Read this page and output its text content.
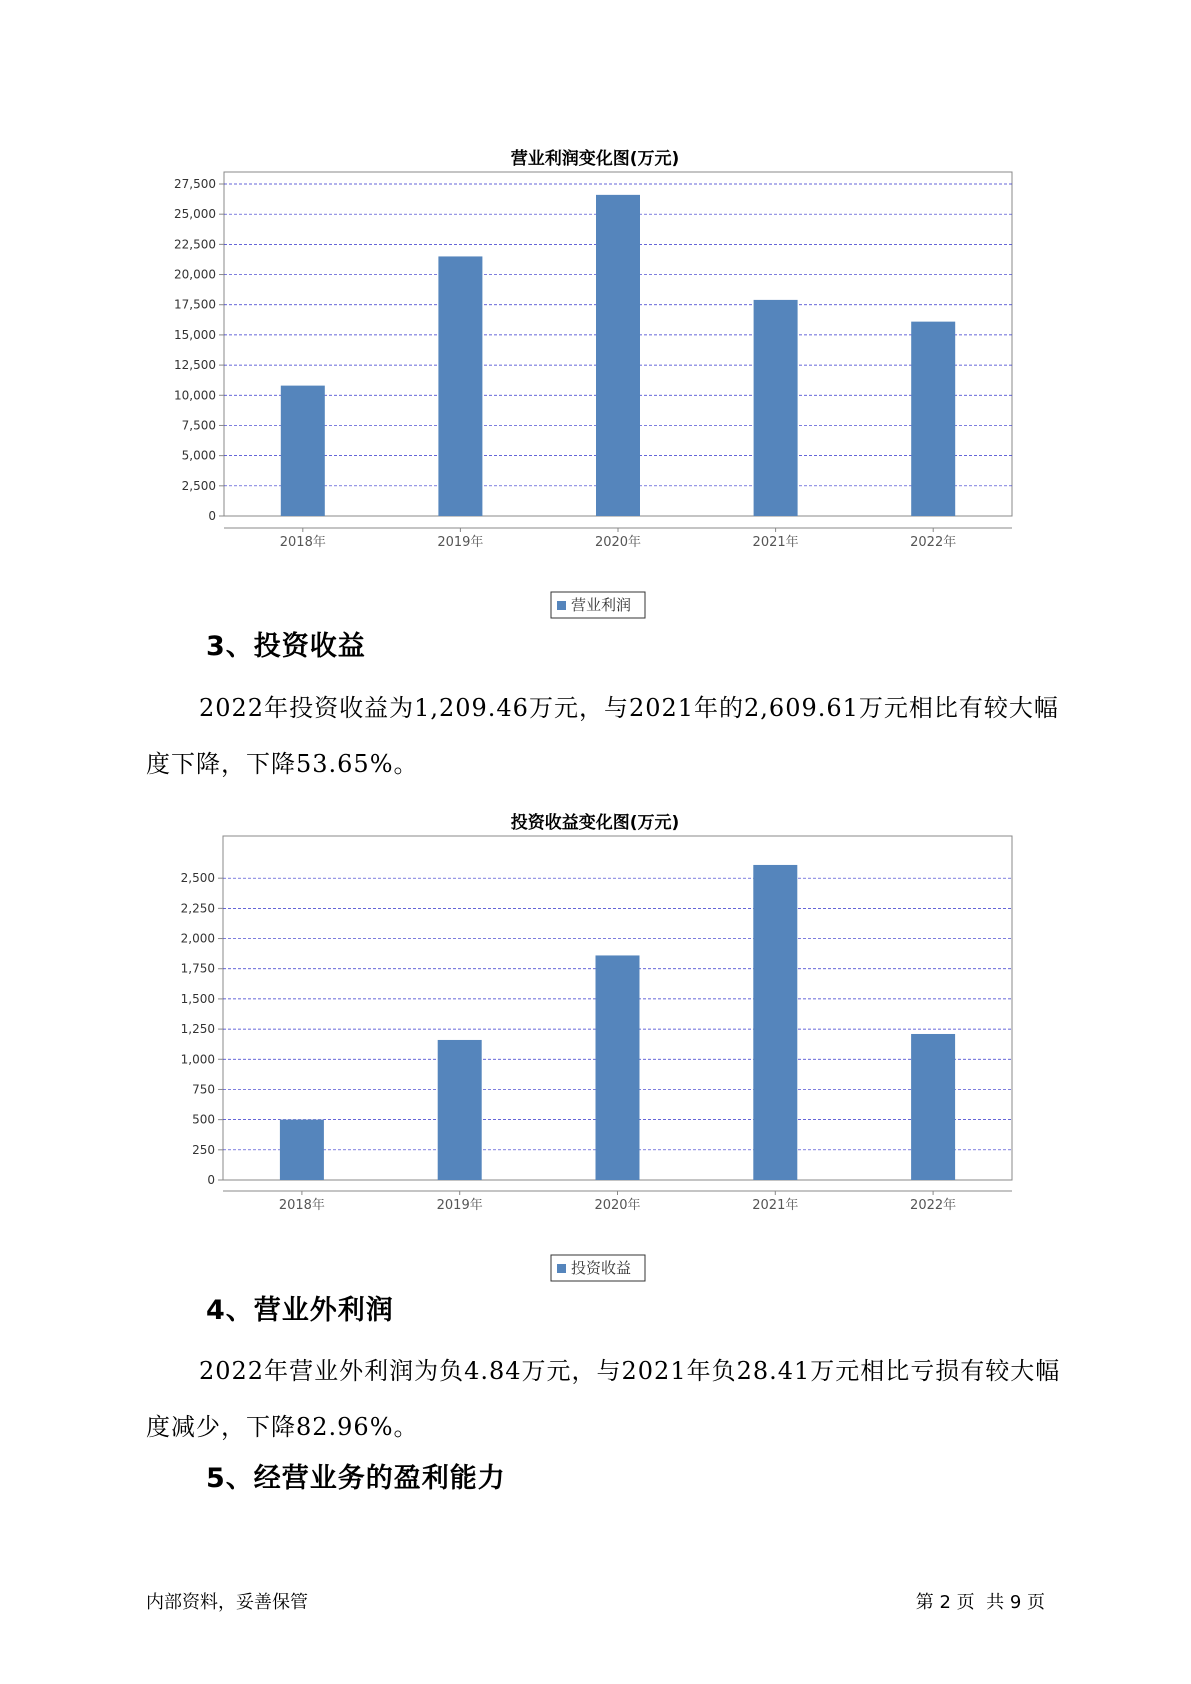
营业利润变化图(万元)
0
2,500
5,000
7,500
10,000
12,500
15,000
17,500
20,000
22,500
25,000
27,500
2018年	2019年	2020年	2021年	2022年
营业利润
3、投资收益

2022年投资收益为1,209.46万元，与2021年的2,609.61万元相比有较大幅度下降，下降53.65%。

投资收益变化图(万元)
0
250
500
750
1,000
1,250
1,500
1,750
2,000
2,250
2,500
2018年	2019年	2020年	2021年	2022年
投资收益
4、营业外利润

2022年营业外利润为负4.84万元，与2021年负28.41万元相比亏损有较大幅度减少，下降82.96%。

5、经营业务的盈利能力
内部资料，妥善保管	第 2 页  共 9 页
